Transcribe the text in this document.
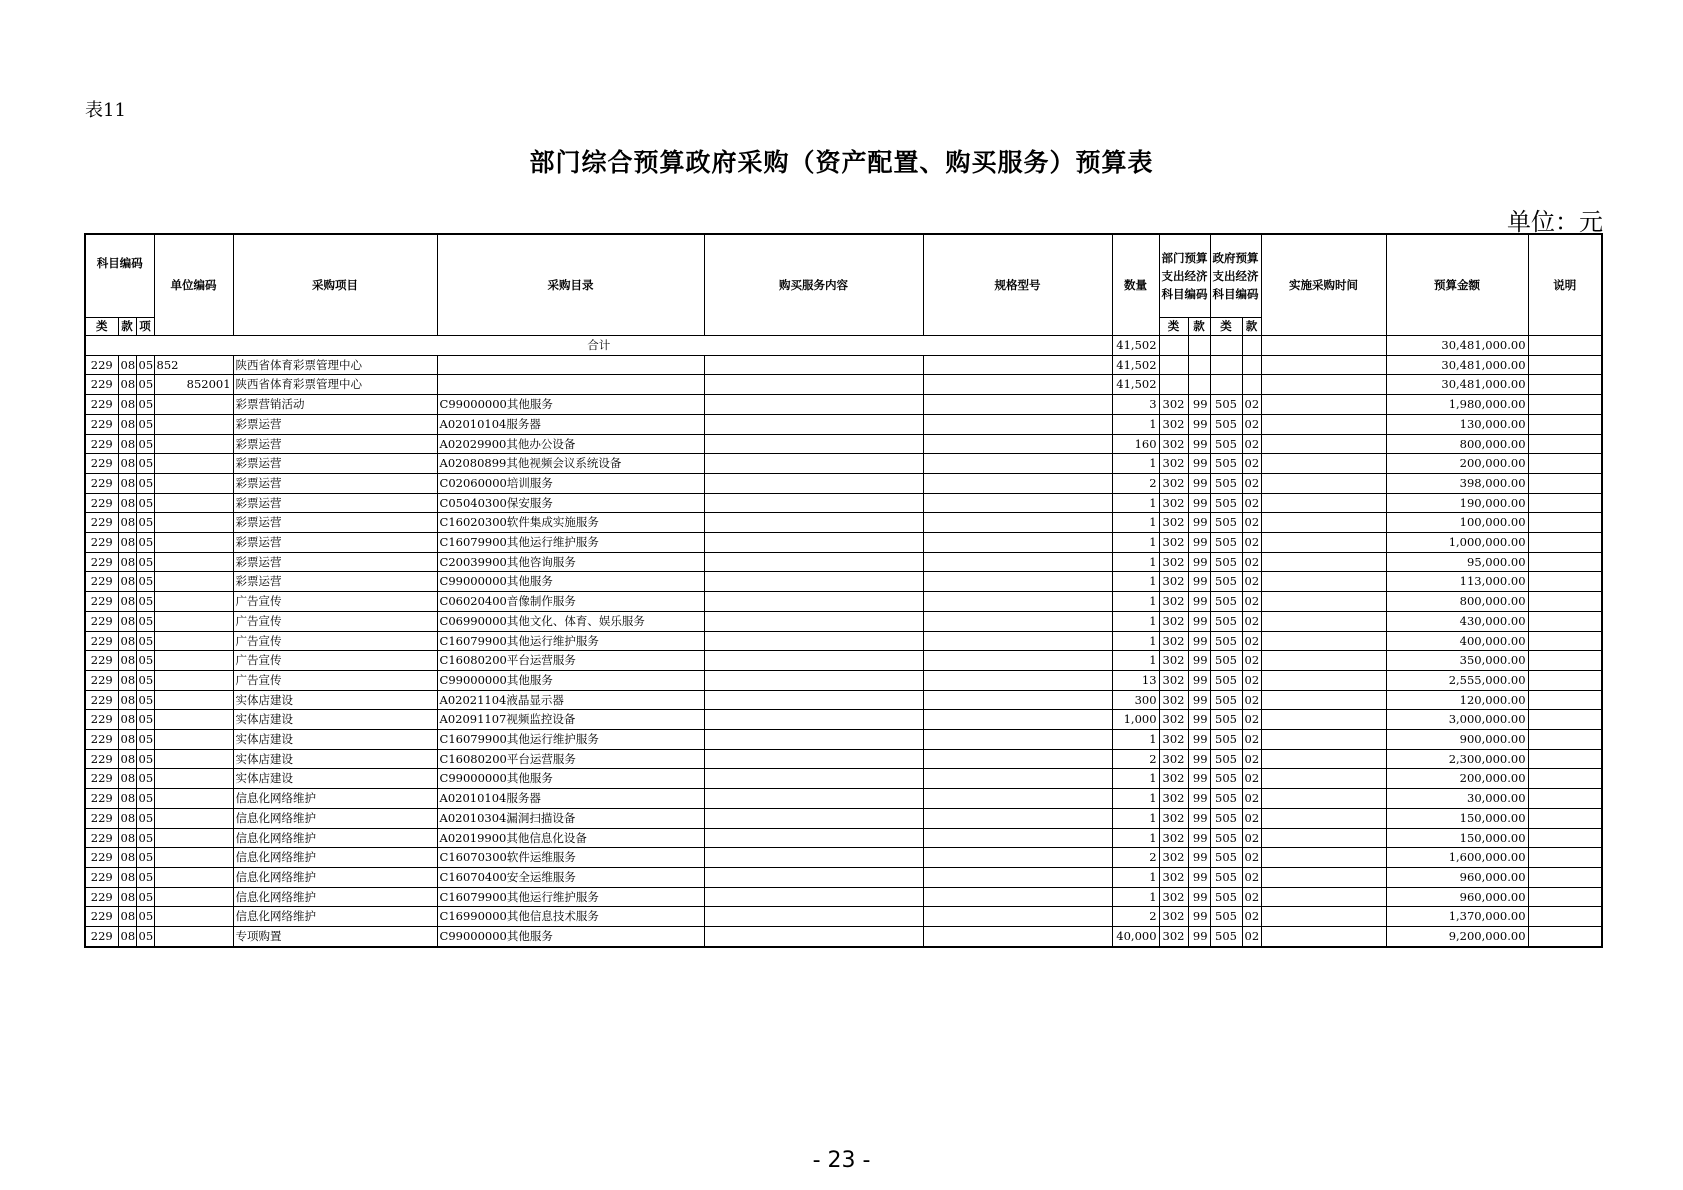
表11
部门综合预算政府采购（资产配置、购买服务）预算表
单位：元
科目编码			单位编码	采购项目	采购目录	购买服务内容	规格型号	数量	部门预算支出经济科目编码		政府预算支出经济科目编码		实施采购时间	预算金额	说明
类	款	项							类	款	类	款			
合计								41,502						30,481,000.00	
229	08	05	852	陕西省体育彩票管理中心				41,502						30,481,000.00	
229	08	05	852001	陕西省体育彩票管理中心				41,502						30,481,000.00	
229	08	05		彩票营销活动	C99000000其他服务			3	302	99	505	02		1,980,000.00	
229	08	05		彩票运营	A02010104服务器			1	302	99	505	02		130,000.00	
229	08	05		彩票运营	A02029900其他办公设备			160	302	99	505	02		800,000.00	
229	08	05		彩票运营	A02080899其他视频会议系统设备			1	302	99	505	02		200,000.00	
229	08	05		彩票运营	C02060000培训服务			2	302	99	505	02		398,000.00	
229	08	05		彩票运营	C05040300保安服务			1	302	99	505	02		190,000.00	
229	08	05		彩票运营	C16020300软件集成实施服务			1	302	99	505	02		100,000.00	
229	08	05		彩票运营	C16079900其他运行维护服务			1	302	99	505	02		1,000,000.00	
229	08	05		彩票运营	C20039900其他咨询服务			1	302	99	505	02		95,000.00	
229	08	05		彩票运营	C99000000其他服务			1	302	99	505	02		113,000.00	
229	08	05		广告宣传	C06020400音像制作服务			1	302	99	505	02		800,000.00	
229	08	05		广告宣传	C06990000其他文化、体育、娱乐服务			1	302	99	505	02		430,000.00	
229	08	05		广告宣传	C16079900其他运行维护服务			1	302	99	505	02		400,000.00	
229	08	05		广告宣传	C16080200平台运营服务			1	302	99	505	02		350,000.00	
229	08	05		广告宣传	C99000000其他服务			13	302	99	505	02		2,555,000.00	
229	08	05		实体店建设	A02021104液晶显示器			300	302	99	505	02		120,000.00	
229	08	05		实体店建设	A02091107视频监控设备			1,000	302	99	505	02		3,000,000.00	
229	08	05		实体店建设	C16079900其他运行维护服务			1	302	99	505	02		900,000.00	
229	08	05		实体店建设	C16080200平台运营服务			2	302	99	505	02		2,300,000.00	
229	08	05		实体店建设	C99000000其他服务			1	302	99	505	02		200,000.00	
229	08	05		信息化网络维护	A02010104服务器			1	302	99	505	02		30,000.00	
229	08	05		信息化网络维护	A02010304漏洞扫描设备			1	302	99	505	02		150,000.00	
229	08	05		信息化网络维护	A02019900其他信息化设备			1	302	99	505	02		150,000.00	
229	08	05		信息化网络维护	C16070300软件运维服务			2	302	99	505	02		1,600,000.00	
229	08	05		信息化网络维护	C16070400安全运维服务			1	302	99	505	02		960,000.00	
229	08	05		信息化网络维护	C16079900其他运行维护服务			1	302	99	505	02		960,000.00	
229	08	05		信息化网络维护	C16990000其他信息技术服务			2	302	99	505	02		1,370,000.00	
229	08	05		专项购置	C99000000其他服务			40,000	302	99	505	02		9,200,000.00	
- 23 -
